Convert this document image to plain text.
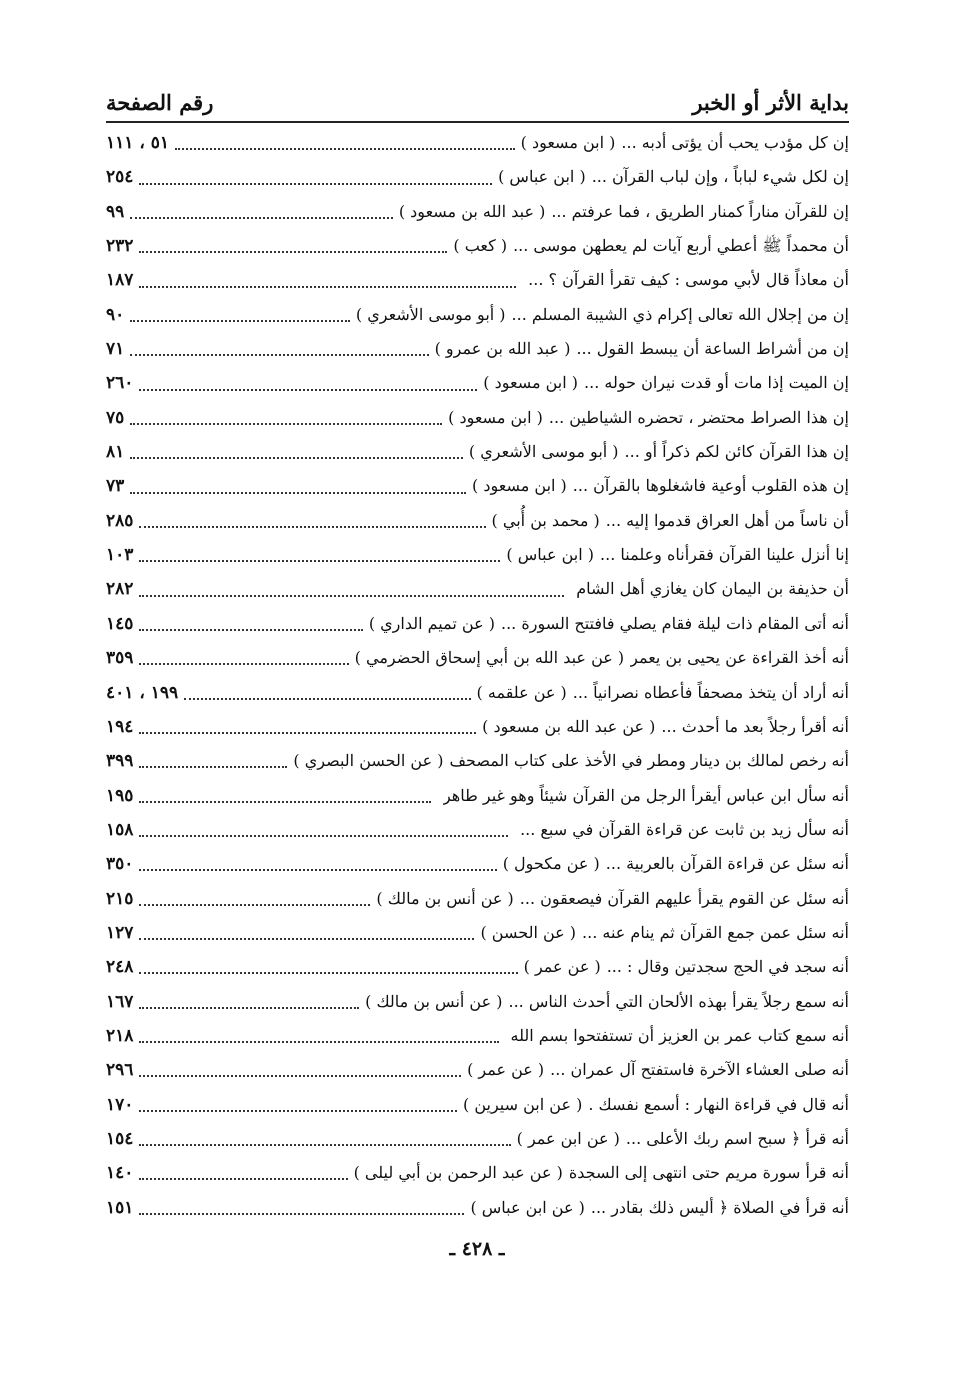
بداية الأثر أو الخبر
رقم الصفحة
إن كل مؤدب يحب أن يؤتى أدبه ...
( ابن مسعود )
٥١ ، ١١١
إن لكل شيء لباباً ، وإن لباب القرآن ...
( ابن عباس )
٢٥٤
إن للقرآن مناراً كمنار الطريق ، فما عرفتم ...
( عبد الله بن مسعود )
٩٩
أن محمداً ﷺ أعطي أربع آيات لم يعطهن موسى ...
( كعب )
٢٣٢
أن معاذاً قال لأبي موسى : كيف تقرأ القرآن ؟ ...
١٨٧
إن من إجلال الله تعالى إكرام ذي الشيبة المسلم ...
( أبو موسى الأشعري )
٩٠
إن من أشراط الساعة أن يبسط القول ...
( عبد الله بن عمرو )
٧١
إن الميت إذا مات أو قدت نيران حوله ...
( ابن مسعود )
٢٦٠
إن هذا الصراط محتضر ، تحضره الشياطين ...
( ابن مسعود )
٧٥
إن هذا القرآن كائن لكم ذكراً أو ...
( أبو موسى الأشعري )
٨١
إن هذه القلوب أوعية فاشغلوها بالقرآن ...
( ابن مسعود )
٧٣
أن ناساً من أهل العراق قدموا إليه ...
( محمد بن أُبي )
٢٨٥
إنا أنزل علينا القرآن فقرأناه وعلمنا ...
( ابن عباس )
١٠٣
أن حذيفة بن اليمان كان يغازي أهل الشام
٢٨٢
أنه أتى المقام ذات ليلة فقام يصلي فافتتح السورة ...
( عن تميم الداري )
١٤٥
أنه أخذ القراءة عن يحيى بن يعمر
( عن عبد الله بن أبي إسحاق الحضرمي )
٣٥٩
أنه أراد أن يتخذ مصحفاً فأعطاه نصرانياً ...
( عن علقمه )
١٩٩ ، ٤٠١
أنه أقرأ رجلاً بعد ما أحدث ...
( عن عبد الله بن مسعود )
١٩٤
أنه رخص لمالك بن دينار ومطر في الأخذ على كتاب المصحف
( عن الحسن البصري )
٣٩٩
أنه سأل ابن عباس أيقرأ الرجل من القرآن شيئاً وهو غير طاهر
١٩٥
أنه سأل زيد بن ثابت عن قراءة القرآن في سبع ...
١٥٨
أنه سئل عن قراءة القرآن بالعربية ...
( عن مكحول )
٣٥٠
أنه سئل عن القوم يقرأ عليهم القرآن فيصعقون ...
( عن أنس بن مالك )
٢١٥
أنه سئل عمن جمع القرآن ثم ينام عنه ...
( عن الحسن )
١٢٧
أنه سجد في الحج سجدتين وقال : ...
( عن عمر )
٢٤٨
أنه سمع رجلاً يقرأ بهذه الألحان التي أحدث الناس ...
( عن أنس بن مالك )
١٦٧
أنه سمع كتاب عمر بن العزيز أن تستفتحوا بسم الله
٢١٨
أنه صلى العشاء الآخرة فاستفتح آل عمران ...
( عن عمر )
٢٩٦
أنه قال في قراءة النهار : أسمع نفسك .
( عن ابن سيرين )
١٧٠
أنه قرأ ﴿ سبح اسم ربك الأعلى ...
( عن ابن عمر )
١٥٤
أنه قرأ سورة مريم حتى انتهى إلى السجدة
( عن عبد الرحمن بن أبي ليلى )
١٤٠
أنه قرأ في الصلاة ﴿ أليس ذلك بقادر ...
( عن ابن عباس )
١٥١
ـ ٤٢٨ ـ
